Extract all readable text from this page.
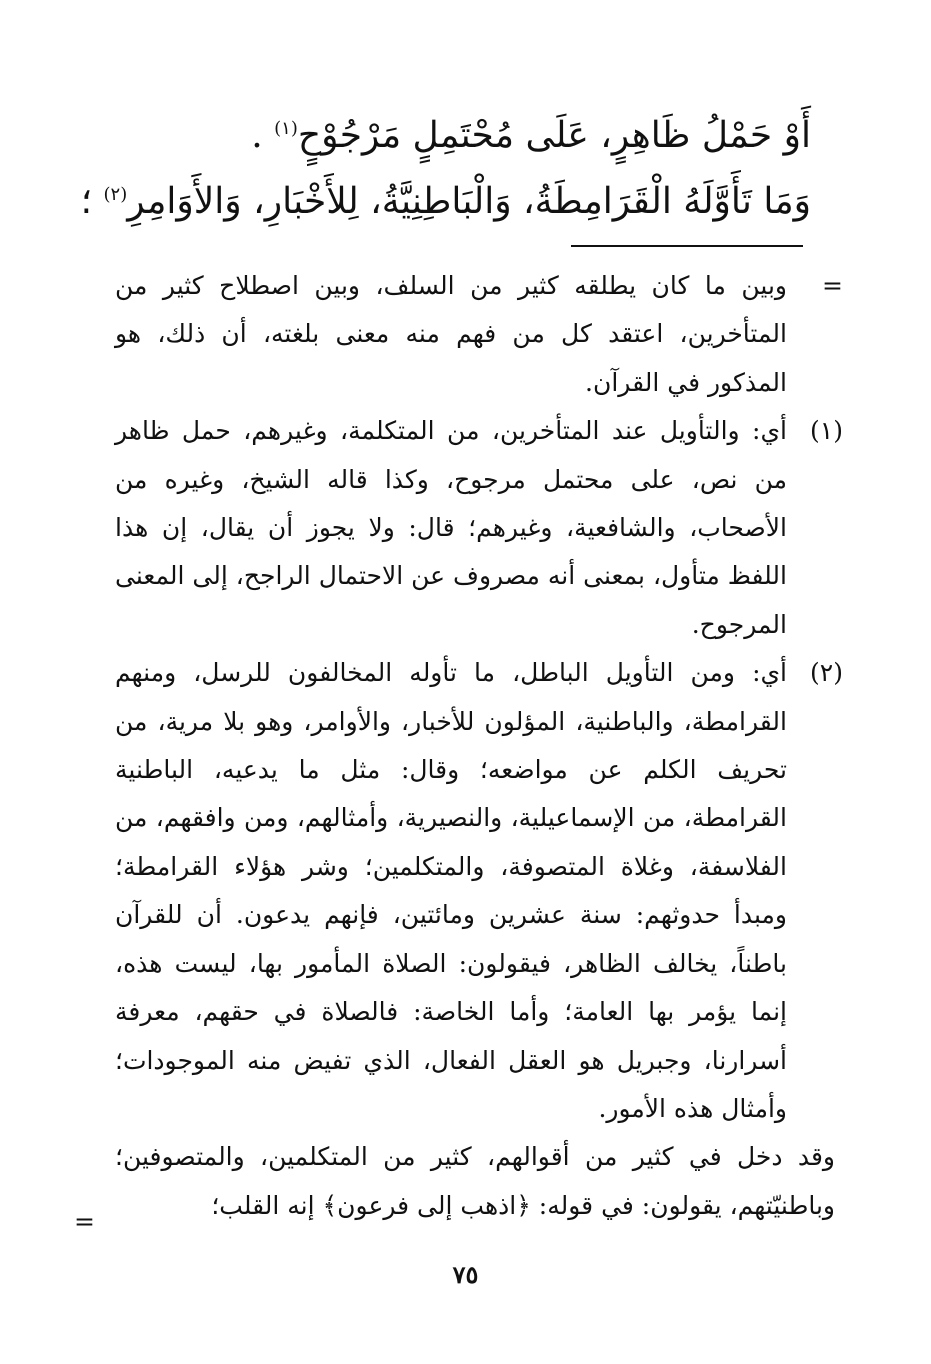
أَوْ حَمْلُ ظَاهِرٍ، عَلَى مُحْتَمِلٍ مَرْجُوْحٍ$^{(١)}$ .
وَمَا تَأَوَّلَهُ الْقَرَامِطَةُ، وَالْبَاطِنِيَّةُ، لِلأَخْبَارِ، وَالأَوَامِرِ$^{(٢)}$ ؛
=
وبين ما كان يطلقه كثير من السلف، وبين اصطلاح كثير من المتأخرين، اعتقد كل من فهم منه معنى بلغته، أن ذلك، هو المذكور في القرآن.
(١)
أي: والتأويل عند المتأخرين، من المتكلمة، وغيرهم، حمل ظاهر من نص، على محتمل مرجوح، وكذا قاله الشيخ، وغيره من الأصحاب، والشافعية، وغيرهم؛ قال: ولا يجوز أن يقال، إن هذا اللفظ متأول، بمعنى أنه مصروف عن الاحتمال الراجح، إلى المعنى المرجوح.
(٢)
أي: ومن التأويل الباطل، ما تأوله المخالفون للرسل، ومنهم القرامطة، والباطنية، المؤلون للأخبار، والأوامر، وهو بلا مرية، من تحريف الكلم عن مواضعه؛ وقال: مثل ما يدعيه، الباطنية القرامطة، من الإسماعيلية، والنصيرية، وأمثالهم، ومن وافقهم، من الفلاسفة، وغلاة المتصوفة، والمتكلمين؛ وشر هؤلاء القرامطة؛ ومبدأ حدوثهم: سنة عشرين ومائتين، فإنهم يدعون. أن للقرآن باطناً، يخالف الظاهر، فيقولون: الصلاة المأمور بها، ليست هذه، إنما يؤمر بها العامة؛ وأما الخاصة: فالصلاة في حقهم، معرفة أسرارنا، وجبريل هو العقل الفعال، الذي تفيض منه الموجودات؛ وأمثال هذه الأمور.
وقد دخل في كثير من أقوالهم، كثير من المتكلمين، والمتصوفين؛ وباطنيّتهم، يقولون: في قوله: ﴿اذهب إلى فرعون﴾ إنه القلب؛
=
٧٥
